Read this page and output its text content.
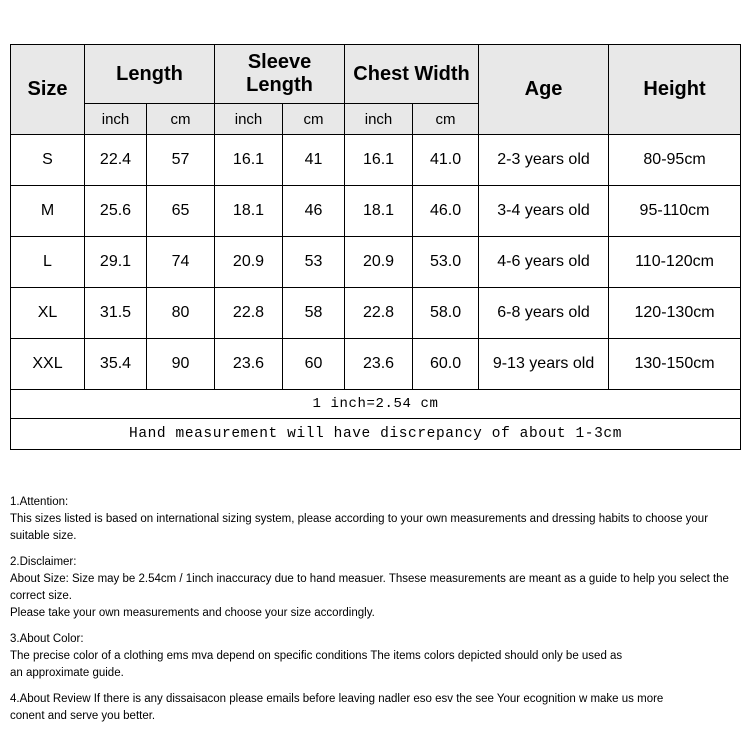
Size	Length		Sleeve Length		Chest Width		Age	Height
	inch	cm	inch	cm	inch	cm		
S	22.4	57	16.1	41	16.1	41.0	2-3 years old	80-95cm
M	25.6	65	18.1	46	18.1	46.0	3-4 years old	95-110cm
L	29.1	74	20.9	53	20.9	53.0	4-6 years old	110-120cm
XL	31.5	80	22.8	58	22.8	58.0	6-8 years old	120-130cm
XXL	35.4	90	23.6	60	23.6	60.0	9-13 years old	130-150cm
1 inch=2.54 cm								
Hand measurement will have discrepancy of about 1-3cm								

1.Attention:

This sizes listed is based on international sizing system, please according to your own measurements and dressing habits to choose your suitable size.

2.Disclaimer:

About Size: Size may be 2.54cm / 1inch inaccuracy due to hand measuer. Thsese measurements are meant as a guide to help you select the correct size.

Please take your own measurements and choose your size accordingly.

3.About Color:

The precise color of a clothing ems mva depend on specific conditions The items colors depicted should only be used as

an approximate guide.

4.About Review If there is any dissaisacon please emails before leaving nadler eso esv the see Your ecognition w make us more

conent and serve you better.
